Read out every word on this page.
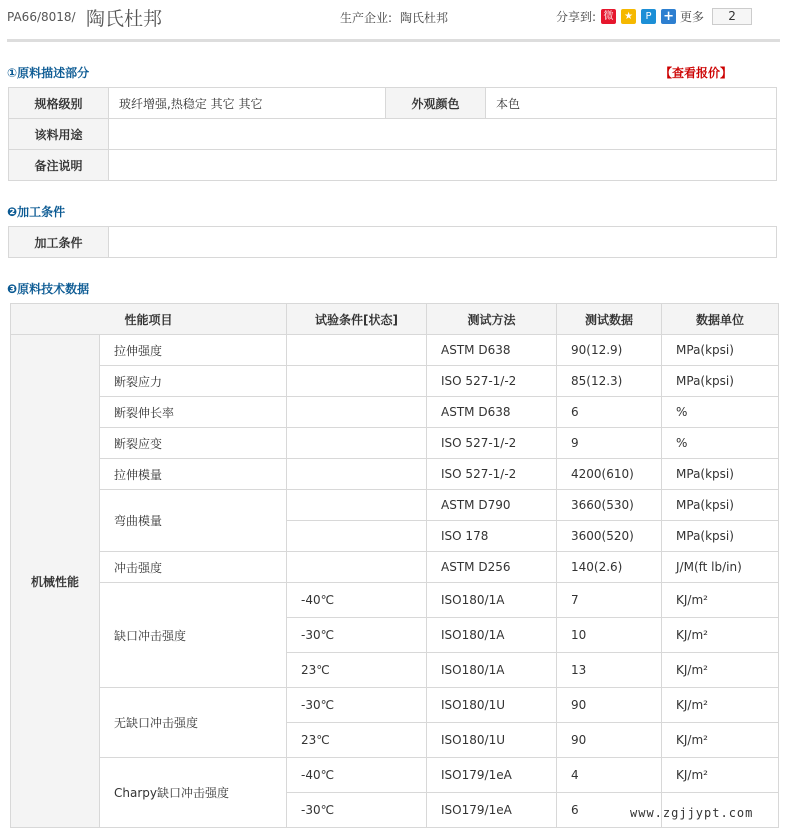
PA66/8018/ 陶氏杜邦	生产企业: 陶氏杜邦	分享到: 微	★	P + 更多	2
①原料描述部分	【查看报价】
规格级别	玻纤增强,热稳定 其它 其它	外观颜色	本色
该料用途			
备注说明			
❷加工条件
加工条件	
❸原料技术数据
性能项目		试验条件[状态]	测试方法	测试数据	数据单位
机械性能	拉伸强度		ASTM D638	90(12.9)	MPa(kpsi)
	断裂应力		ISO 527-1/-2	85(12.3)	MPa(kpsi)
	断裂伸长率		ASTM D638	6	%
	断裂应变		ISO 527-1/-2	9	%
	拉伸模量		ISO 527-1/-2	4200(610)	MPa(kpsi)
	弯曲模量		ASTM D790	3660(530)	MPa(kpsi)
			ISO 178	3600(520)	MPa(kpsi)
	冲击强度		ASTM D256	140(2.6)	J/M(ft lb/in)
	缺口冲击强度	-40℃	ISO180/1A	7	KJ/m²
		-30℃	ISO180/1A	10	KJ/m²
		23℃	ISO180/1A	13	KJ/m²
	无缺口冲击强度	-30℃	ISO180/1U	90	KJ/m²
		23℃	ISO180/1U	90	KJ/m²
	Charpy缺口冲击强度	-40℃	ISO179/1eA	4	KJ/m²
		-30℃	ISO179/1eA	6		www.zgjjypt.com
